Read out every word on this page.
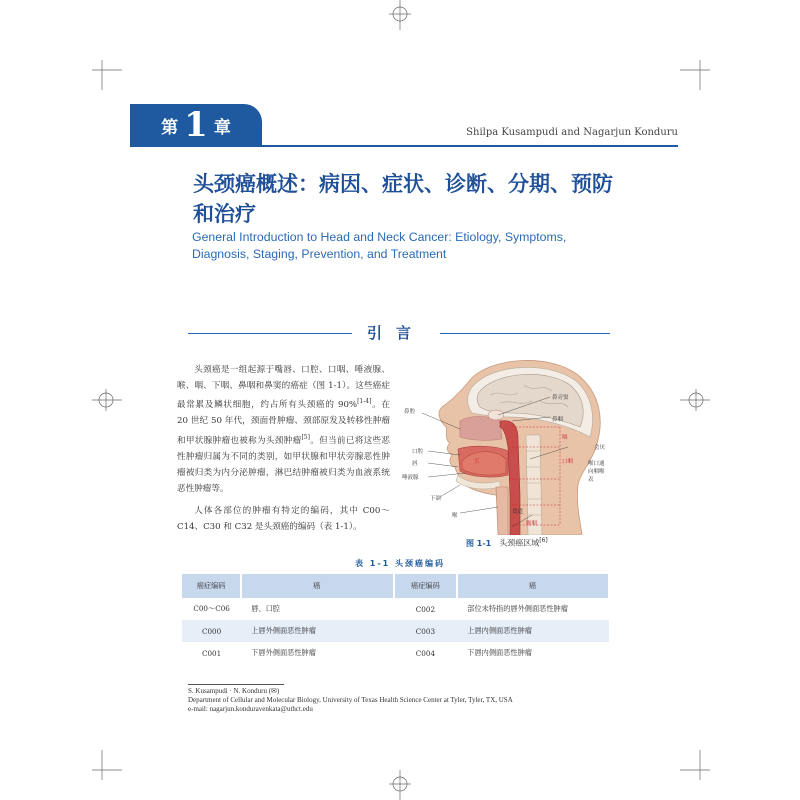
第 1 章	Shilpa Kusampudi and Nagarjun Konduru
头颈癌概述：病因、症状、诊断、分期、预防
和治疗
General Introduction to Head and Neck Cancer: Etiology, Symptoms,
Diagnosis, Staging, Prevention, and Treatment
引言
头颈癌是一组起源于嘴唇、口腔、口咽、唾液腺、喉、咽、下咽、鼻咽和鼻窦的癌症（图 1-1）。这些癌症最常累及鳞状细胞，约占所有头颈癌的 90%[1-4]。在 20 世纪 50 年代，颈面骨肿瘤、颈部原发及转移性肿瘤和甲状腺肿瘤也被称为头颈肿瘤[5]。但当前已将这些恶性肿瘤归属为不同的类别，如甲状腺和甲状旁腺恶性肿瘤被归类为内分泌肿瘤，淋巴结肿瘤被归类为血液系统恶性肿瘤等。
人体各部位的肿瘤有特定的编码，其中 C00～C14、C30 和 C32 是头颈癌的编码（表 1-1）。
鼻腔
鼻旁窦
鼻咽
咽
口腔
唇	舌
唾液腺
口咽
下颌
喉
食道
喉咽
会厌
喉口通
向咽喉
表
图 1-1 头颈癌区域[6]
表 1-1 头颈癌编码
癌症编码	癌	癌症编码	癌
C00～C06	唇、口腔	C002	部位未特指的唇外侧面恶性肿瘤
C000	上唇外侧面恶性肿瘤	C003	上唇内侧面恶性肿瘤
C001	下唇外侧面恶性肿瘤	C004	下唇内侧面恶性肿瘤
S. Kusampudi · N. Konduru (✉)
Department of Cellular and Molecular Biology, University of Texas Health Science Center at Tyler, Tyler, TX, USA
e-mail: nagarjun.konduravenkata@uthct.edu
